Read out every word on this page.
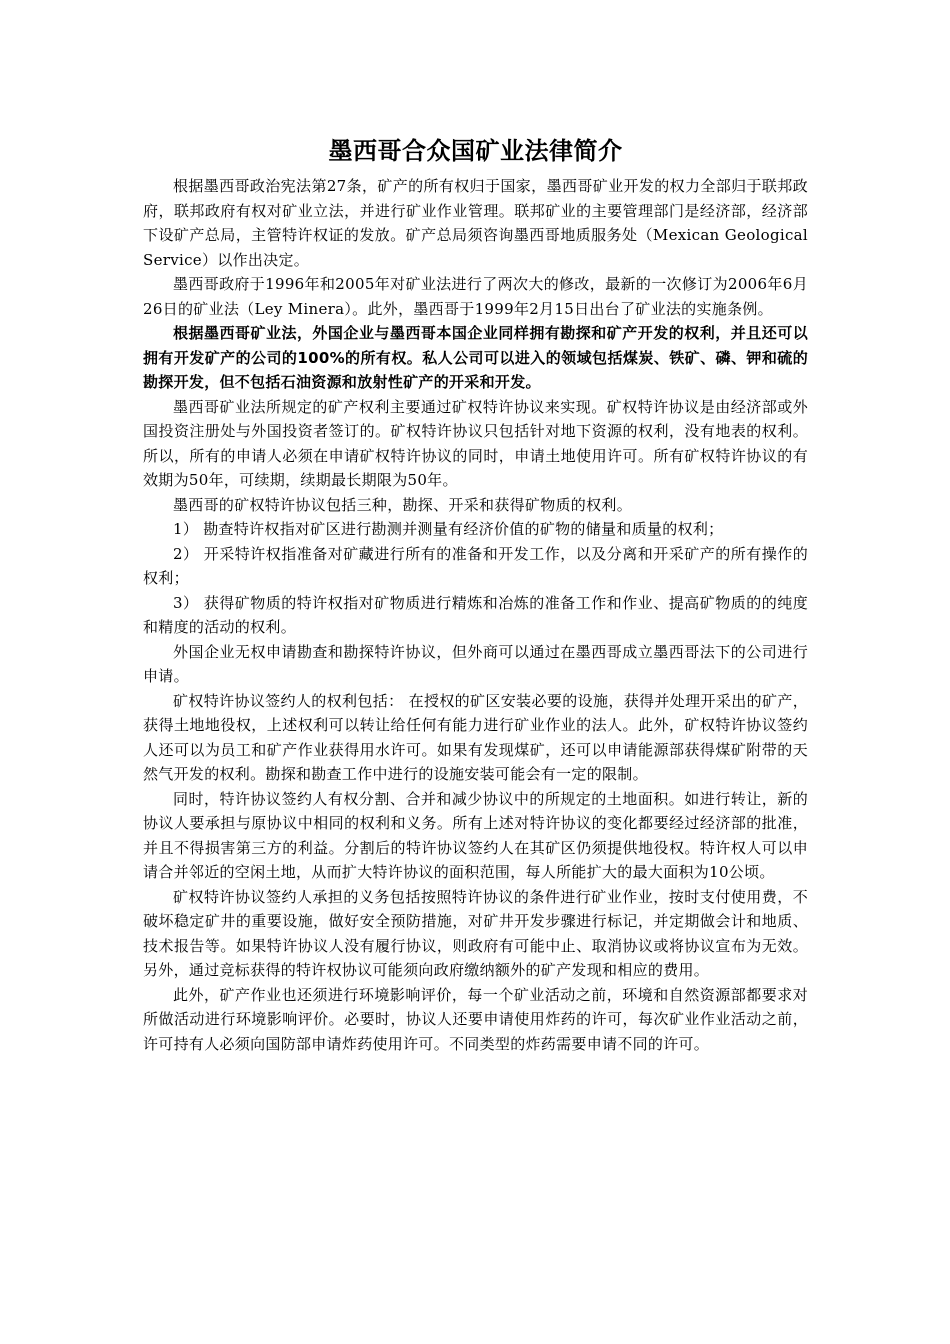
墨西哥合众国矿业法律简介

根据墨西哥政治宪法第27条，矿产的所有权归于国家，墨西哥矿业开发的权力全部归于联邦政府，联邦政府有权对矿业立法，并进行矿业作业管理。联邦矿业的主要管理部门是经济部，经济部下设矿产总局，主管特许权证的发放。矿产总局须咨询墨西哥地质服务处（Mexican Geological Service）以作出决定。

墨西哥政府于1996年和2005年对矿业法进行了两次大的修改，最新的一次修订为2006年6月26日的矿业法（Ley Minera）。此外，墨西哥于1999年2月15日出台了矿业法的实施条例。

根据墨西哥矿业法，外国企业与墨西哥本国企业同样拥有勘探和矿产开发的权利，并且还可以拥有开发矿产的公司的100%的所有权。私人公司可以进入的领域包括煤炭、铁矿、磷、钾和硫的勘探开发，但不包括石油资源和放射性矿产的开采和开发。

墨西哥矿业法所规定的矿产权利主要通过矿权特许协议来实现。矿权特许协议是由经济部或外国投资注册处与外国投资者签订的。矿权特许协议只包括针对地下资源的权利，没有地表的权利。所以，所有的申请人必须在申请矿权特许协议的同时，申请土地使用许可。所有矿权特许协议的有效期为50年，可续期，续期最长期限为50年。

墨西哥的矿权特许协议包括三种，勘探、开采和获得矿物质的权利。

1） 勘查特许权指对矿区进行勘测并测量有经济价值的矿物的储量和质量的权利；

2） 开采特许权指准备对矿藏进行所有的准备和开发工作，以及分离和开采矿产的所有操作的权利；

3） 获得矿物质的特许权指对矿物质进行精炼和冶炼的准备工作和作业、提高矿物质的的纯度和精度的活动的权利。

外国企业无权申请勘查和勘探特许协议，但外商可以通过在墨西哥成立墨西哥法下的公司进行申请。

矿权特许协议签约人的权利包括： 在授权的矿区安装必要的设施，获得并处理开采出的矿产，获得土地地役权，上述权利可以转让给任何有能力进行矿业作业的法人。此外，矿权特许协议签约人还可以为员工和矿产作业获得用水许可。如果有发现煤矿，还可以申请能源部获得煤矿附带的天然气开发的权利。勘探和勘查工作中进行的设施安装可能会有一定的限制。

同时，特许协议签约人有权分割、合并和减少协议中的所规定的土地面积。如进行转让，新的协议人要承担与原协议中相同的权利和义务。所有上述对特许协议的变化都要经过经济部的批准，并且不得损害第三方的利益。分割后的特许协议签约人在其矿区仍须提供地役权。特许权人可以申请合并邻近的空闲土地，从而扩大特许协议的面积范围，每人所能扩大的最大面积为10公顷。

矿权特许协议签约人承担的义务包括按照特许协议的条件进行矿业作业，按时支付使用费，不破坏稳定矿井的重要设施，做好安全预防措施，对矿井开发步骤进行标记，并定期做会计和地质、技术报告等。如果特许协议人没有履行协议，则政府有可能中止、取消协议或将协议宣布为无效。另外，通过竞标获得的特许权协议可能须向政府缴纳额外的矿产发现和相应的费用。

此外，矿产作业也还须进行环境影响评价，每一个矿业活动之前，环境和自然资源部都要求对所做活动进行环境影响评价。必要时，协议人还要申请使用炸药的许可，每次矿业作业活动之前，许可持有人必须向国防部申请炸药使用许可。不同类型的炸药需要申请不同的许可。
